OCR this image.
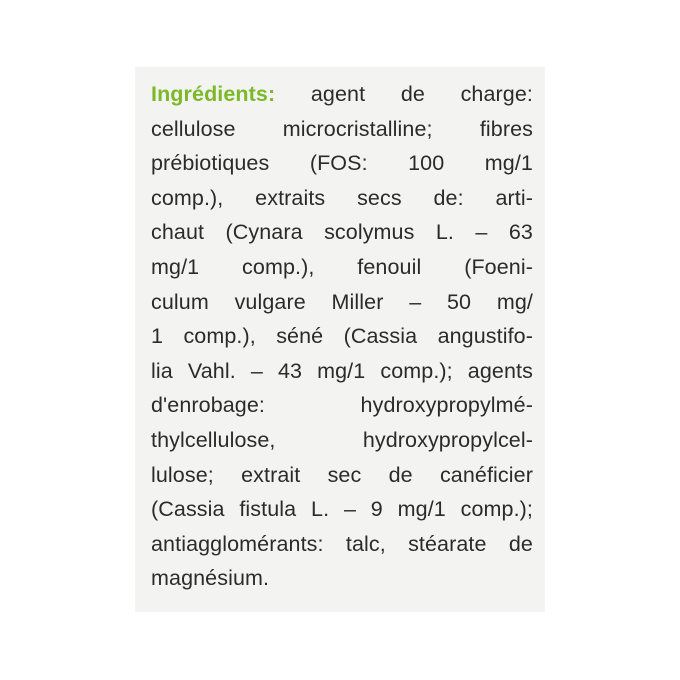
Ingrédients: agent de charge:
cellulose microcristalline; fibres
prébiotiques (FOS: 100 mg/1
comp.), extraits secs de: arti-
chaut (Cynara scolymus L. – 63
mg/1 comp.), fenouil (Foeni-
culum vulgare Miller – 50 mg/
1 comp.), séné (Cassia angustifo-
lia Vahl. – 43 mg/1 comp.); agents
d'enrobage:	hydroxypropylmé-
thylcellulose,	hydroxypropylcel-
lulose; extrait sec de canéficier
(Cassia fistula L. – 9 mg/1 comp.);
antiagglomérants: talc, stéarate de
magnésium.
